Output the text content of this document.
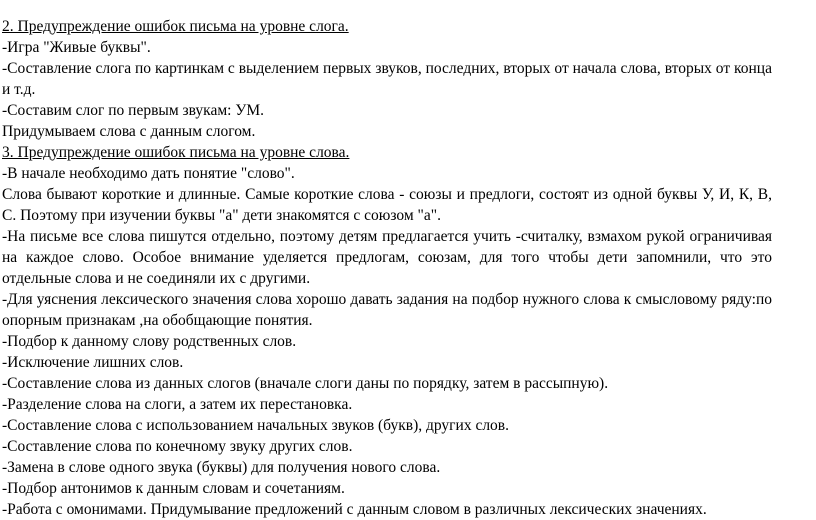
2. Предупреждение ошибок письма на уровне слога.

-Игра "Живые буквы".

-Составление слога по картинкам с выделением первых звуков, последних, вторых от начала слова, вторых от конца и т.д.

-Составим слог по первым звукам: УМ.

Придумываем слова с данным слогом.

3. Предупреждение ошибок письма на уровне слова.

-В начале необходимо дать понятие "слово".

Слова бывают короткие и длинные. Самые короткие слова - союзы и предлоги, состоят из одной буквы У, И, К, В, С. Поэтому при изучении буквы "а" дети знакомятся с союзом "а".

-На письме все слова пишутся отдельно, поэтому детям предлагается учить -считалку, взмахом рукой ограничивая на каждое слово. Особое внимание уделяется предлогам, союзам, для того чтобы дети запомнили, что это отдельные слова и не соединяли их с другими.

-Для уяснения лексического значения слова хорошо давать задания на подбор нужного слова к смысловому ряду:по опорным признакам ,на обобщающие понятия.

-Подбор к данному слову родственных слов.

-Исключение лишних слов.

-Составление слова из данных слогов (вначале слоги даны по порядку, затем в рассыпную).

-Разделение слова на слоги, а затем их перестановка.

-Составление слова с использованием начальных звуков (букв), других слов.

-Составление слова по конечному звуку других слов.

-Замена в слове одного звука (буквы) для получения нового слова.

-Подбор антонимов к данным словам и сочетаниям.

-Работа с омонимами. Придумывание предложений с данным словом в различных лексических значениях.
